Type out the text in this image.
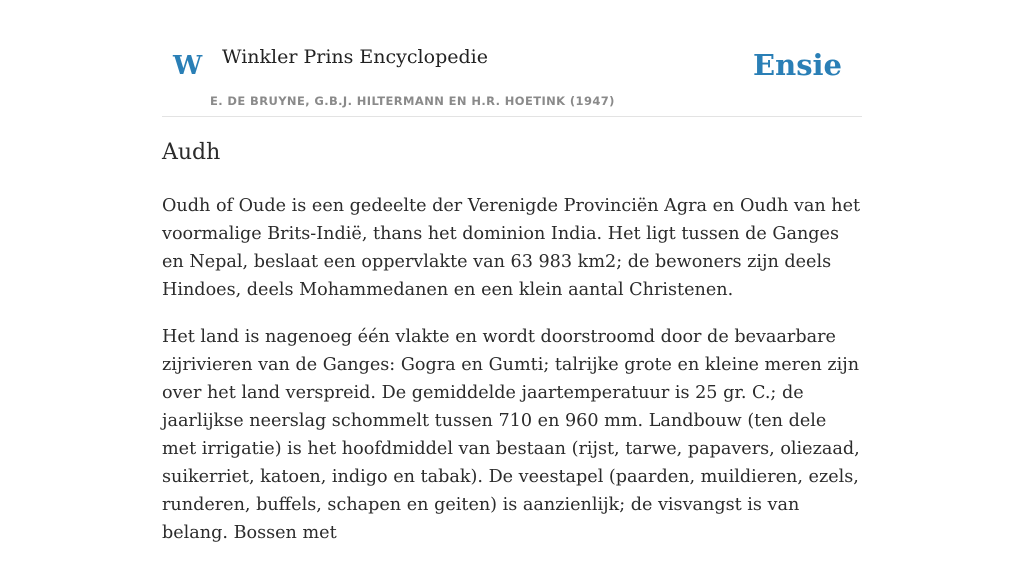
W Winkler Prins Encyclopedie
E. DE BRUYNE, G.B.J. HILTERMANN EN H.R. HOETINK (1947)
Ensie
Audh

Oudh of Oude is een gedeelte der Verenigde Provinciën Agra en Oudh van het voormalige Brits-Indië, thans het dominion India. Het ligt tussen de Ganges en Nepal, beslaat een oppervlakte van 63 983 km2; de bewoners zijn deels Hindoes, deels Mohammedanen en een klein aantal Christenen.

Het land is nagenoeg één vlakte en wordt doorstroomd door de bevaarbare zijrivieren van de Ganges: Gogra en Gumti; talrijke grote en kleine meren zijn over het land verspreid. De gemiddelde jaartemperatuur is 25 gr. C.; de jaarlijkse neerslag schommelt tussen 710 en 960 mm. Landbouw (ten dele met irrigatie) is het hoofdmiddel van bestaan (rijst, tarwe, papavers, oliezaad, suikerriet, katoen, indigo en tabak). De veestapel (paarden, muildieren, ezels, runderen, buffels, schapen en geiten) is aanzienlijk; de visvangst is van belang. Bossen met
